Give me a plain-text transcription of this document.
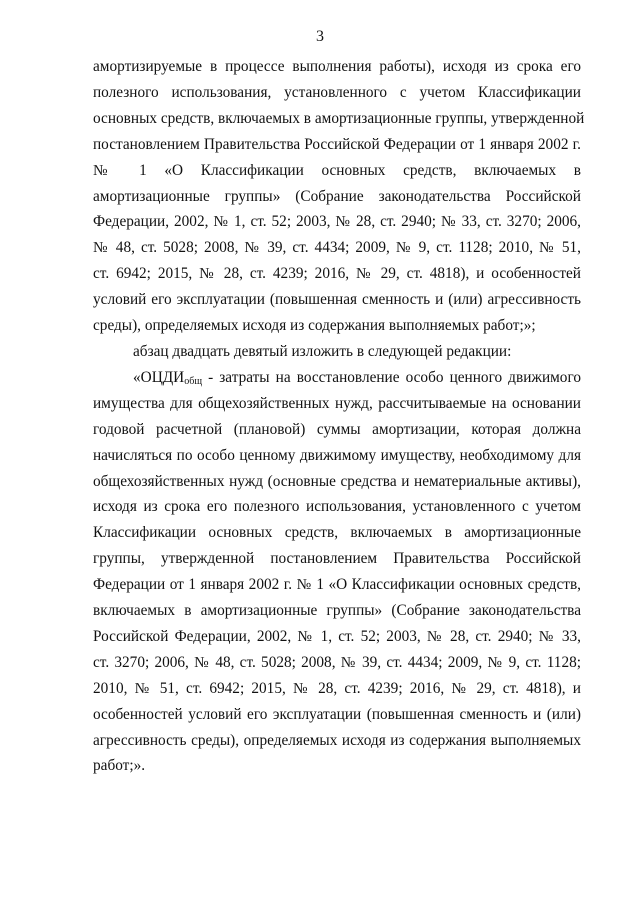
3
амортизируемые в процессе выполнения работы), исходя из срока его
полезного использования, установленного с учетом Классификации
основных средств, включаемых в амортизационные группы, утвержденной
постановлением Правительства Российской Федерации от 1 января 2002 г.
№ 1 «О Классификации основных средств, включаемых в
амортизационные группы» (Собрание законодательства Российской
Федерации, 2002, № 1, ст. 52; 2003, № 28, ст. 2940; № 33, ст. 3270; 2006,
№ 48, ст. 5028; 2008, № 39, ст. 4434; 2009, № 9, ст. 1128; 2010, № 51,
ст. 6942; 2015, № 28, ст. 4239; 2016, № 29, ст. 4818), и особенностей
условий его эксплуатации (повышенная сменность и (или) агрессивность
среды), определяемых исходя из содержания выполняемых работ;»;
абзац двадцать девятый изложить в следующей редакции:
«$ОЦДИ_{общ}$ - затраты на восстановление особо ценного движимого
имущества для общехозяйственных нужд, рассчитываемые на основании
годовой расчетной (плановой) суммы амортизации, которая должна
начисляться по особо ценному движимому имуществу, необходимому для
общехозяйственных нужд (основные средства и нематериальные активы),
исходя из срока его полезного использования, установленного с учетом
Классификации основных средств, включаемых в амортизационные
группы, утвержденной постановлением Правительства Российской
Федерации от 1 января 2002 г. № 1 «О Классификации основных средств,
включаемых в амортизационные группы» (Собрание законодательства
Российской Федерации, 2002, № 1, ст. 52; 2003, № 28, ст. 2940; № 33,
ст. 3270; 2006, № 48, ст. 5028; 2008, № 39, ст. 4434; 2009, № 9, ст. 1128;
2010, № 51, ст. 6942; 2015, № 28, ст. 4239; 2016, № 29, ст. 4818), и
особенностей условий его эксплуатации (повышенная сменность и (или)
агрессивность среды), определяемых исходя из содержания выполняемых
работ;».
